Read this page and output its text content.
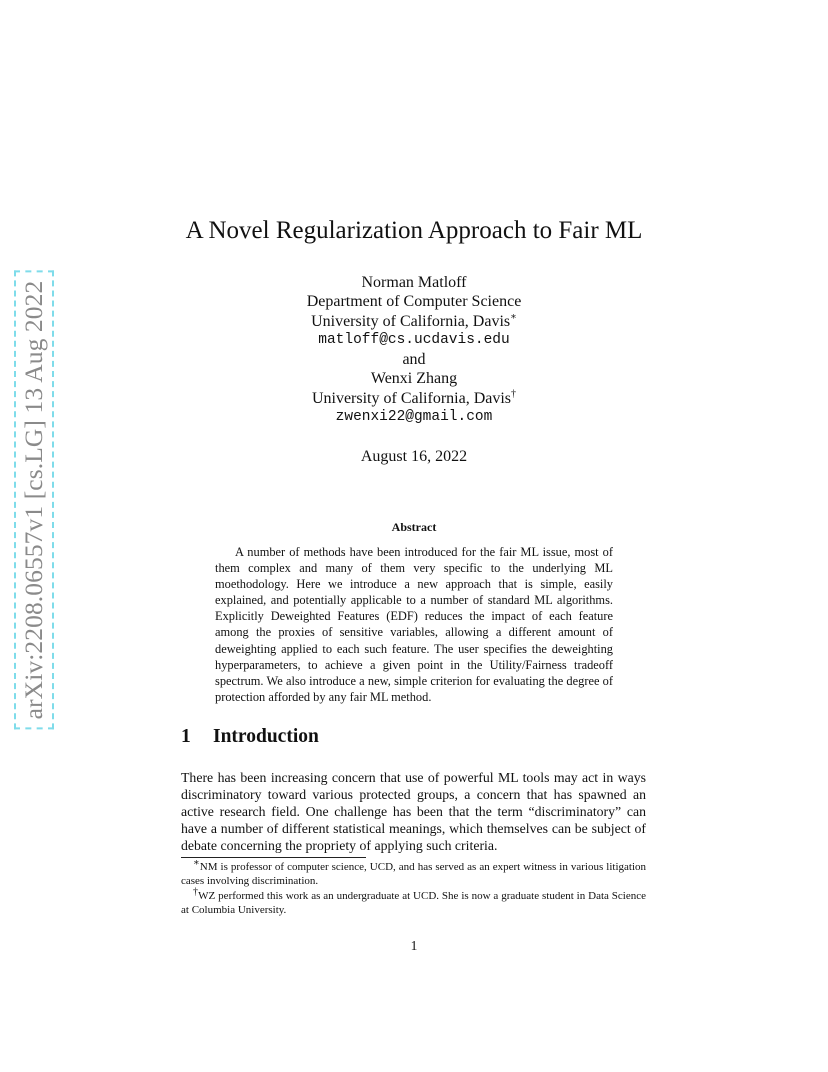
arXiv:2208.06557v1 [cs.LG] 13 Aug 2022
A Novel Regularization Approach to Fair ML
Norman Matloff
Department of Computer Science
University of California, Davis∗
matloff@cs.ucdavis.edu
and
Wenxi Zhang
University of California, Davis†
zwenxi22@gmail.com
August 16, 2022
Abstract

A number of methods have been introduced for the fair ML issue, most of them complex and many of them very specific to the underlying ML moethodology. Here we introduce a new approach that is simple, easily explained, and potentially applicable to a number of standard ML algorithms. Explicitly Deweighted Features (EDF) reduces the impact of each feature among the proxies of sensitive variables, allowing a different amount of deweighting applied to each such feature. The user specifies the deweighting hyperparameters, to achieve a given point in the Utility/Fairness tradeoff spectrum. We also introduce a new, simple criterion for evaluating the degree of protection afforded by any fair ML method.

1 Introduction

There has been increasing concern that use of powerful ML tools may act in ways discriminatory toward various protected groups, a concern that has spawned an active research field. One challenge has been that the term “discriminatory” can have a number of different statistical meanings, which themselves can be subject of debate concerning the propriety of applying such criteria.

∗NM is professor of computer science, UCD, and has served as an expert witness in various litigation cases involving discrimination.

†WZ performed this work as an undergraduate at UCD. She is now a graduate student in Data Science at Columbia University.

1
